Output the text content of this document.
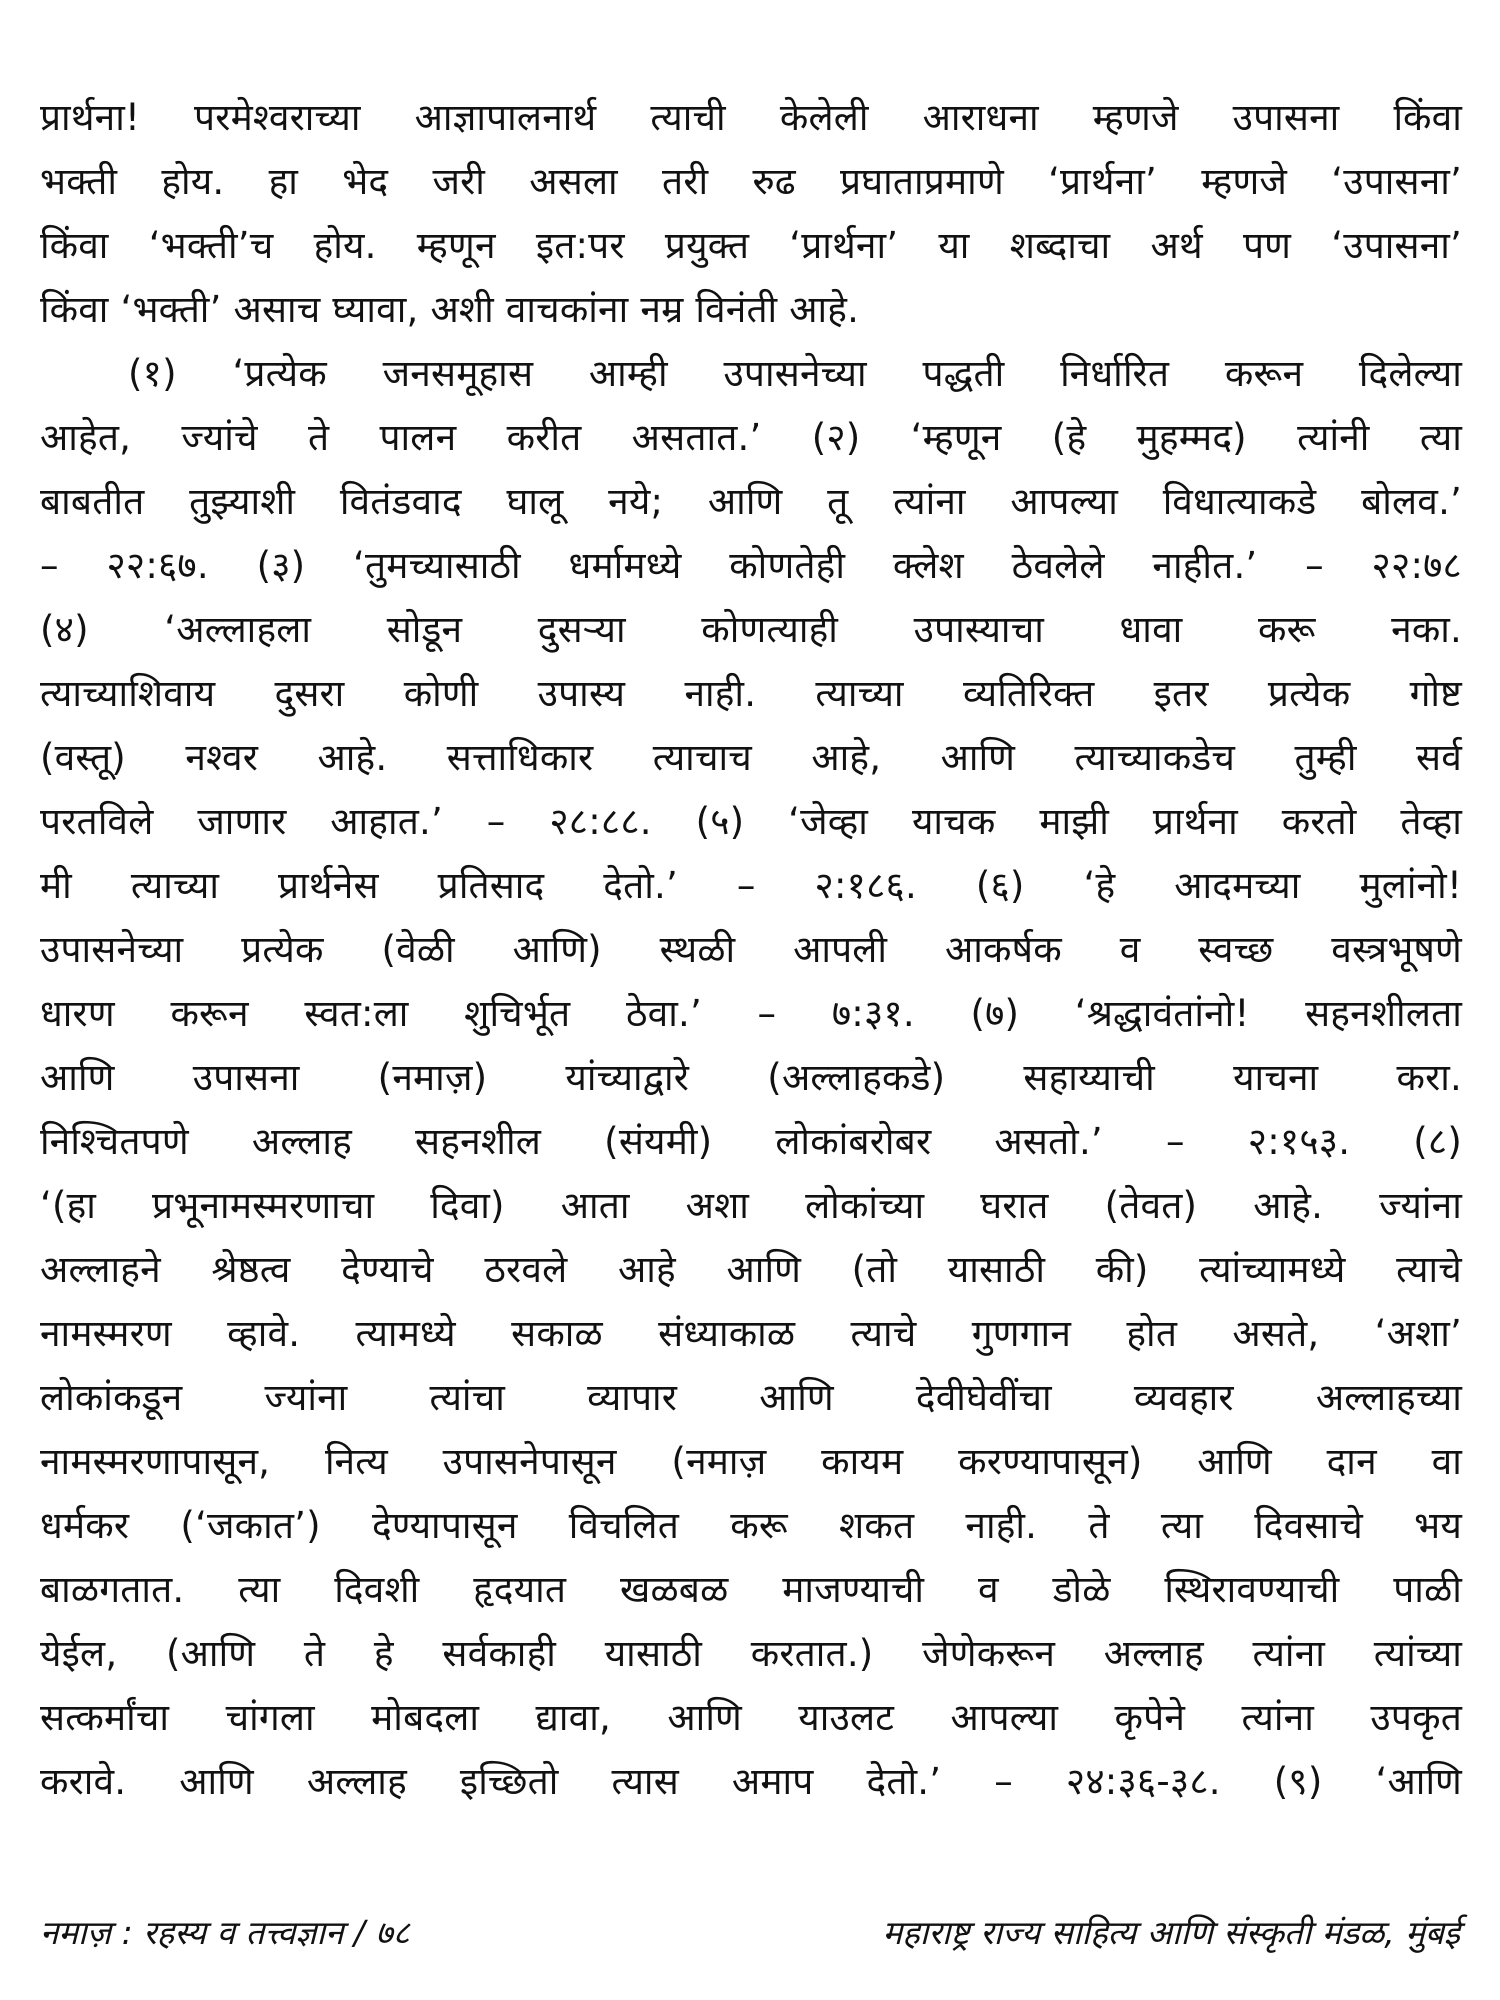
प्रार्थना! परमेश्वराच्या आज्ञापालनार्थ त्याची केलेली आराधना म्हणजे उपासना किंवा
भक्ती होय. हा भेद जरी असला तरी रुढ प्रघाताप्रमाणे ‘प्रार्थना’ म्हणजे ‘उपासना’
किंवा ‘भक्ती’च होय. म्हणून इत:पर प्रयुक्त ‘प्रार्थना’ या शब्दाचा अर्थ पण ‘उपासना’
किंवा ‘भक्ती’ असाच घ्यावा, अशी वाचकांना नम्र विनंती आहे.
(१) ‘प्रत्येक जनसमूहास आम्ही उपासनेच्या पद्धती निर्धारित करून दिलेल्या
आहेत, ज्यांचे ते पालन करीत असतात.’ (२) ‘म्हणून (हे मुहम्मद) त्यांनी त्या
बाबतीत तुझ्याशी वितंडवाद घालू नये; आणि तू त्यांना आपल्या विधात्याकडे बोलव.’
– २२:६७. (३) ‘तुमच्यासाठी धर्मामध्ये कोणतेही क्लेश ठेवलेले नाहीत.’ – २२:७८
(४) ‘अल्लाहला सोडून दुसऱ्या कोणत्याही उपास्याचा धावा करू नका.
त्याच्याशिवाय दुसरा कोणी उपास्य नाही. त्याच्या व्यतिरिक्त इतर प्रत्येक गोष्ट
(वस्तू) नश्वर आहे. सत्ताधिकार त्याचाच आहे, आणि त्याच्याकडेच तुम्ही सर्व
परतविले जाणार आहात.’ – २८:८८. (५) ‘जेव्हा याचक माझी प्रार्थना करतो तेव्हा
मी त्याच्या प्रार्थनेस प्रतिसाद देतो.’ – २:१८६. (६) ‘हे आदमच्या मुलांनो!
उपासनेच्या प्रत्येक (वेळी आणि) स्थळी आपली आकर्षक व स्वच्छ वस्त्रभूषणे
धारण करून स्वत:ला शुचिर्भूत ठेवा.’ – ७:३१. (७) ‘श्रद्धावंतांनो! सहनशीलता
आणि उपासना (नमाज़) यांच्याद्वारे (अल्लाहकडे) सहाय्याची याचना करा.
निश्चितपणे अल्लाह सहनशील (संयमी) लोकांबरोबर असतो.’ – २:१५३. (८)
‘(हा प्रभूनामस्मरणाचा दिवा) आता अशा लोकांच्या घरात (तेवत) आहे. ज्यांना
अल्लाहने श्रेष्ठत्व देण्याचे ठरवले आहे आणि (तो यासाठी की) त्यांच्यामध्ये त्याचे
नामस्मरण व्हावे. त्यामध्ये सकाळ संध्याकाळ त्याचे गुणगान होत असते, ‘अशा’
लोकांकडून ज्यांना त्यांचा व्यापार आणि देवीघेवींचा व्यवहार अल्लाहच्या
नामस्मरणापासून, नित्य उपासनेपासून (नमाज़ कायम करण्यापासून) आणि दान वा
धर्मकर (‘जकात’) देण्यापासून विचलित करू शकत नाही. ते त्या दिवसाचे भय
बाळगतात. त्या दिवशी हृदयात खळबळ माजण्याची व डोळे स्थिरावण्याची पाळी
येईल, (आणि ते हे सर्वकाही यासाठी करतात.) जेणेकरून अल्लाह त्यांना त्यांच्या
सत्कर्मांचा चांगला मोबदला द्यावा, आणि याउलट आपल्या कृपेने त्यांना उपकृत
करावे. आणि अल्लाह इच्छितो त्यास अमाप देतो.’ – २४:३६-३८. (९) ‘आणि
नमाज़ : रहस्य व तत्त्वज्ञान / ७८	महाराष्ट्र राज्य साहित्य आणि संस्कृती मंडळ, मुंबई
